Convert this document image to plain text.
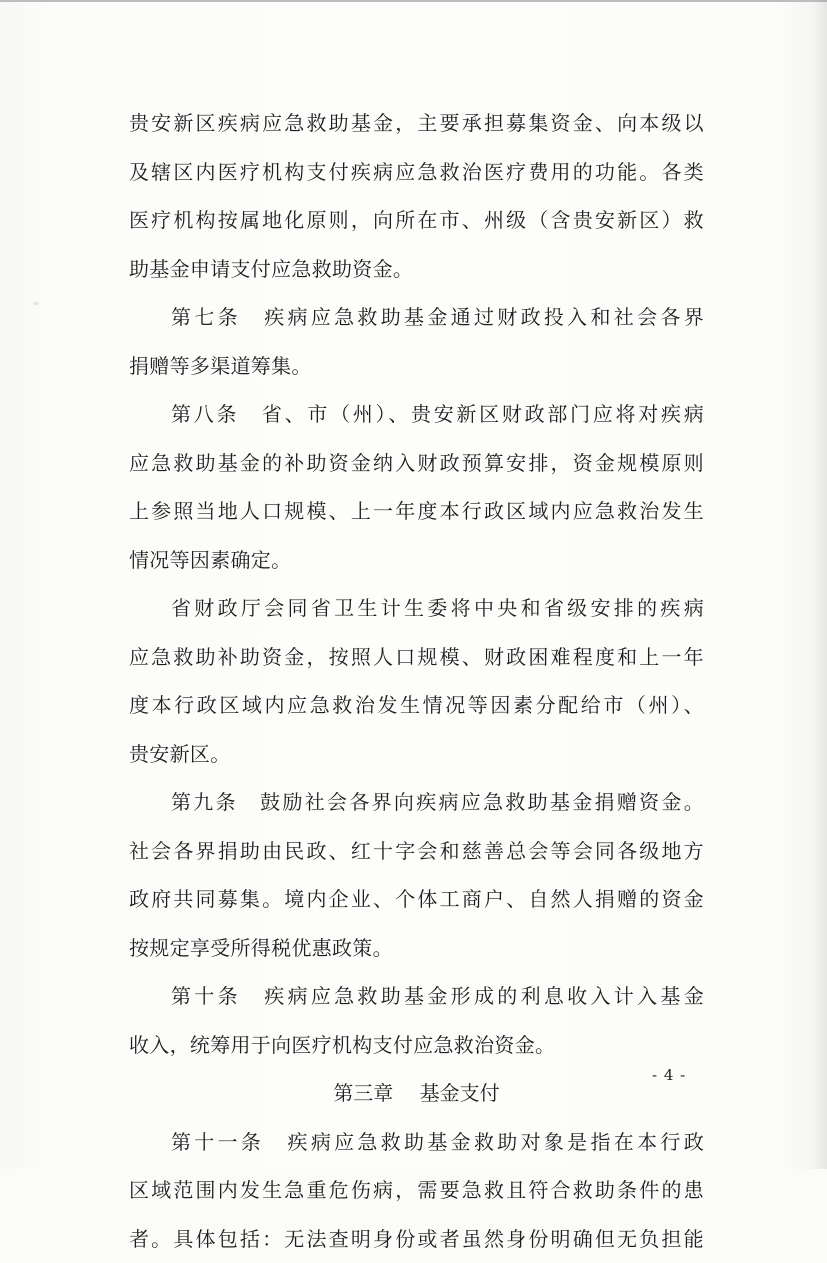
贵安新区疾病应急救助基金，主要承担募集资金、向本级以
及辖区内医疗机构支付疾病应急救治医疗费用的功能。各类
医疗机构按属地化原则，向所在市、州级（含贵安新区）救
助基金申请支付应急救助资金。
第七条　疾病应急救助基金通过财政投入和社会各界
捐赠等多渠道筹集。
第八条　省、市（州）、贵安新区财政部门应将对疾病
应急救助基金的补助资金纳入财政预算安排，资金规模原则
上参照当地人口规模、上一年度本行政区域内应急救治发生
情况等因素确定。
省财政厅会同省卫生计生委将中央和省级安排的疾病
应急救助补助资金，按照人口规模、财政困难程度和上一年
度本行政区域内应急救治发生情况等因素分配给市（州）、
贵安新区。
第九条　鼓励社会各界向疾病应急救助基金捐赠资金。
社会各界捐助由民政、红十字会和慈善总会等会同各级地方
政府共同募集。境内企业、个体工商户、自然人捐赠的资金
按规定享受所得税优惠政策。
第十条　疾病应急救助基金形成的利息收入计入基金
收入，统筹用于向医疗机构支付应急救治资金。
第三章 基金支付
第十一条　疾病应急救助基金救助对象是指在本行政
区域范围内发生急重危伤病，需要急救且符合救助条件的患
者。具体包括：无法查明身份或者虽然身份明确但无负担能
- 4 -
